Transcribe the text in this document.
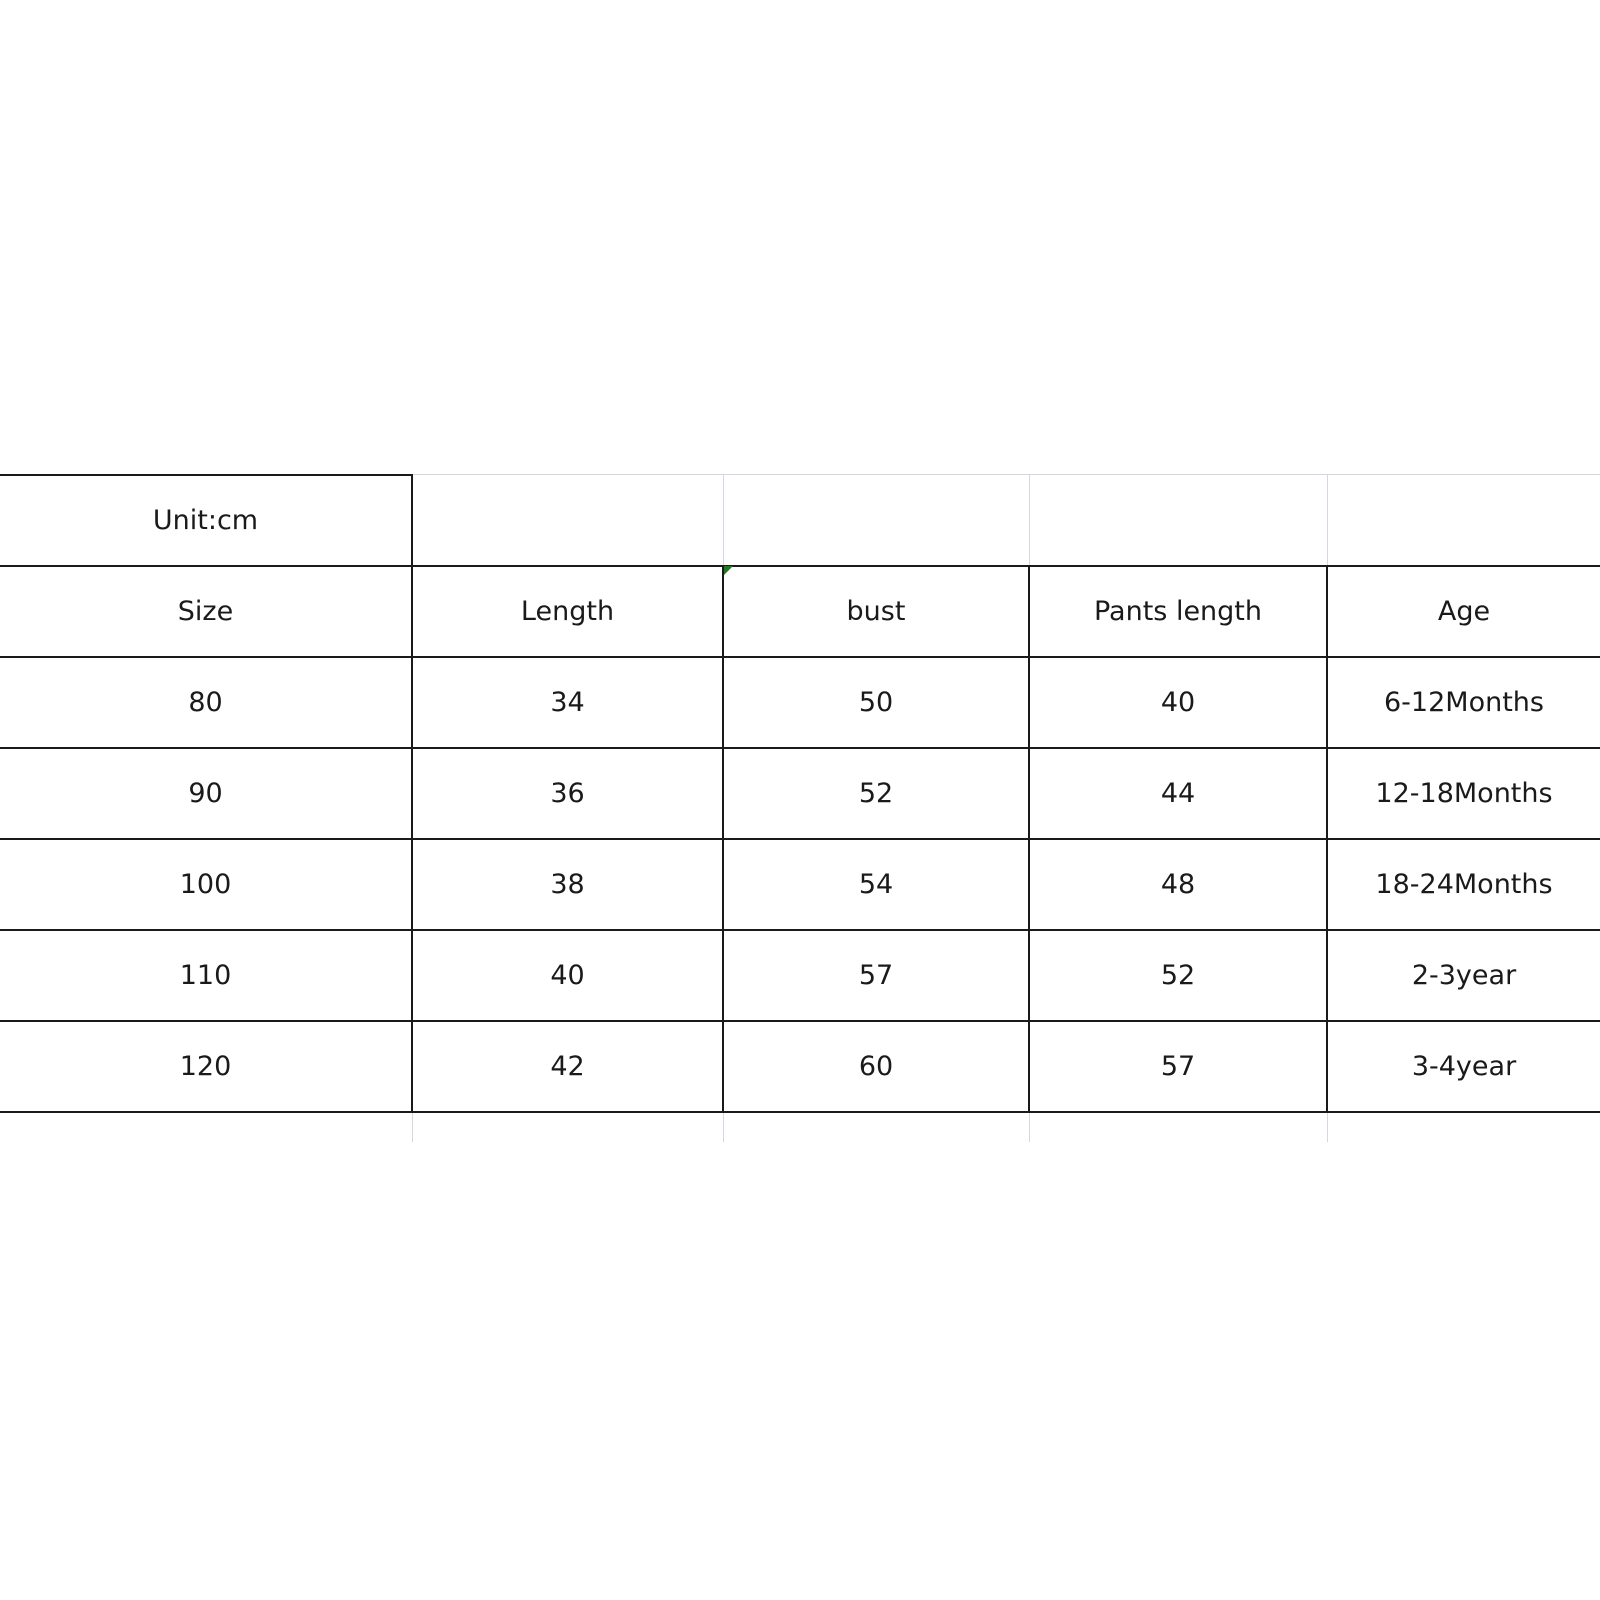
Unit:cm				
Size	Length	bust	Pants length	Age
80	34	50	40	6-12Months
90	36	52	44	12-18Months
100	38	54	48	18-24Months
110	40	57	52	2-3year
120	42	60	57	3-4year
